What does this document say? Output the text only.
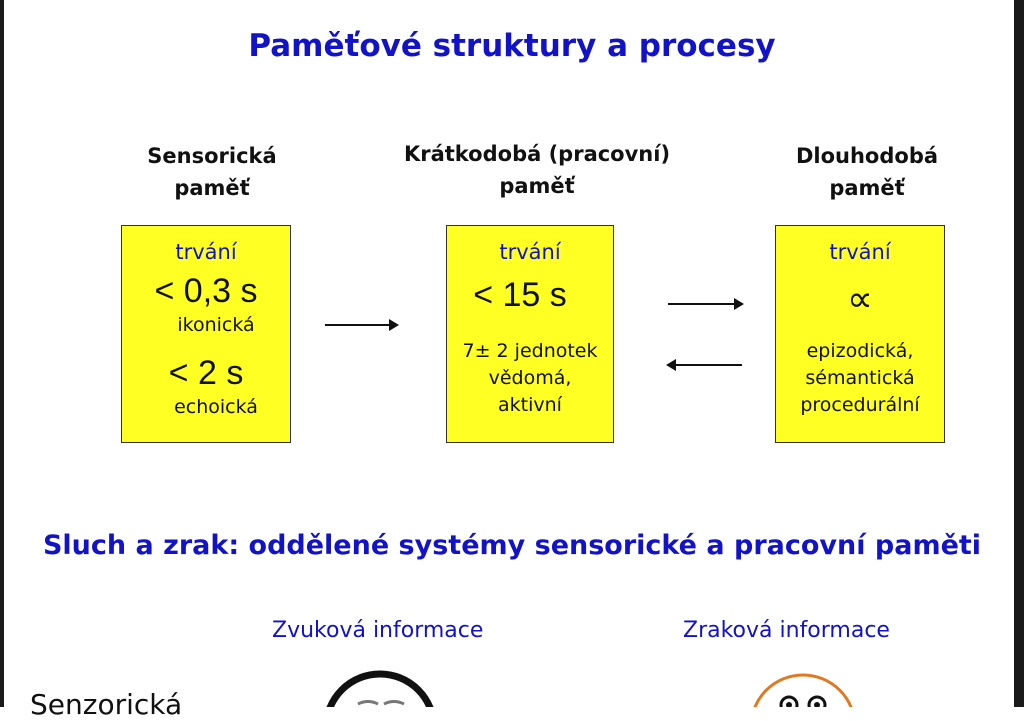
Paměťové struktury a procesy
Sensorická
paměť
Krátkodobá (pracovní)
paměť
Dlouhodobá
paměť
trvání
< 0,3 s
ikonická
< 2 s
echoická
trvání
< 15 s
7± 2 jednotek
vědomá,
aktivní
trvání
∝
epizodická,
sémantická
procedurální
Sluch a zrak: oddělené systémy sensorické a pracovní paměti
Zvuková informace	Zraková informace
Senzorická
